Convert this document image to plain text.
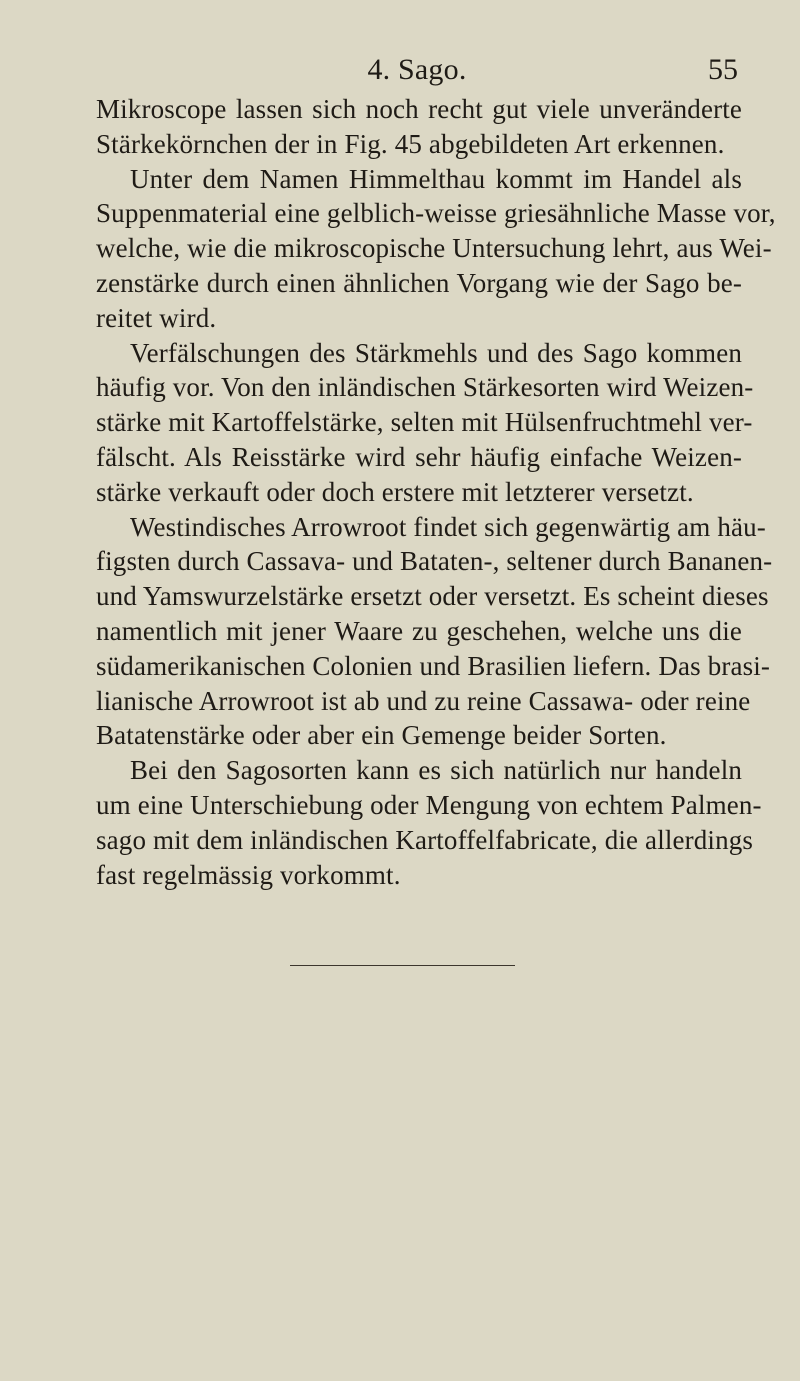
4. Sago.	55
Mikroscope lassen sich noch recht gut viele unveränderte
Stärkekörnchen der in Fig. 45 abgebildeten Art erkennen.
Unter dem Namen Himmelthau kommt im Handel als
Suppenmaterial eine gelblich-weisse griesähnliche Masse vor,
welche, wie die mikroscopische Untersuchung lehrt, aus Wei-
zenstärke durch einen ähnlichen Vorgang wie der Sago be-
reitet wird.
Verfälschungen des Stärkmehls und des Sago kommen
häufig vor. Von den inländischen Stärkesorten wird Weizen-
stärke mit Kartoffelstärke, selten mit Hülsenfruchtmehl ver-
fälscht. Als Reisstärke wird sehr häufig einfache Weizen-
stärke verkauft oder doch erstere mit letzterer versetzt.
Westindisches Arrowroot findet sich gegenwärtig am häu-
figsten durch Cassava- und Bataten-, seltener durch Bananen-
und Yamswurzelstärke ersetzt oder versetzt. Es scheint dieses
namentlich mit jener Waare zu geschehen, welche uns die
südamerikanischen Colonien und Brasilien liefern. Das brasi-
lianische Arrowroot ist ab und zu reine Cassawa- oder reine
Batatenstärke oder aber ein Gemenge beider Sorten.
Bei den Sagosorten kann es sich natürlich nur handeln
um eine Unterschiebung oder Mengung von echtem Palmen-
sago mit dem inländischen Kartoffelfabricate, die allerdings
fast regelmässig vorkommt.
